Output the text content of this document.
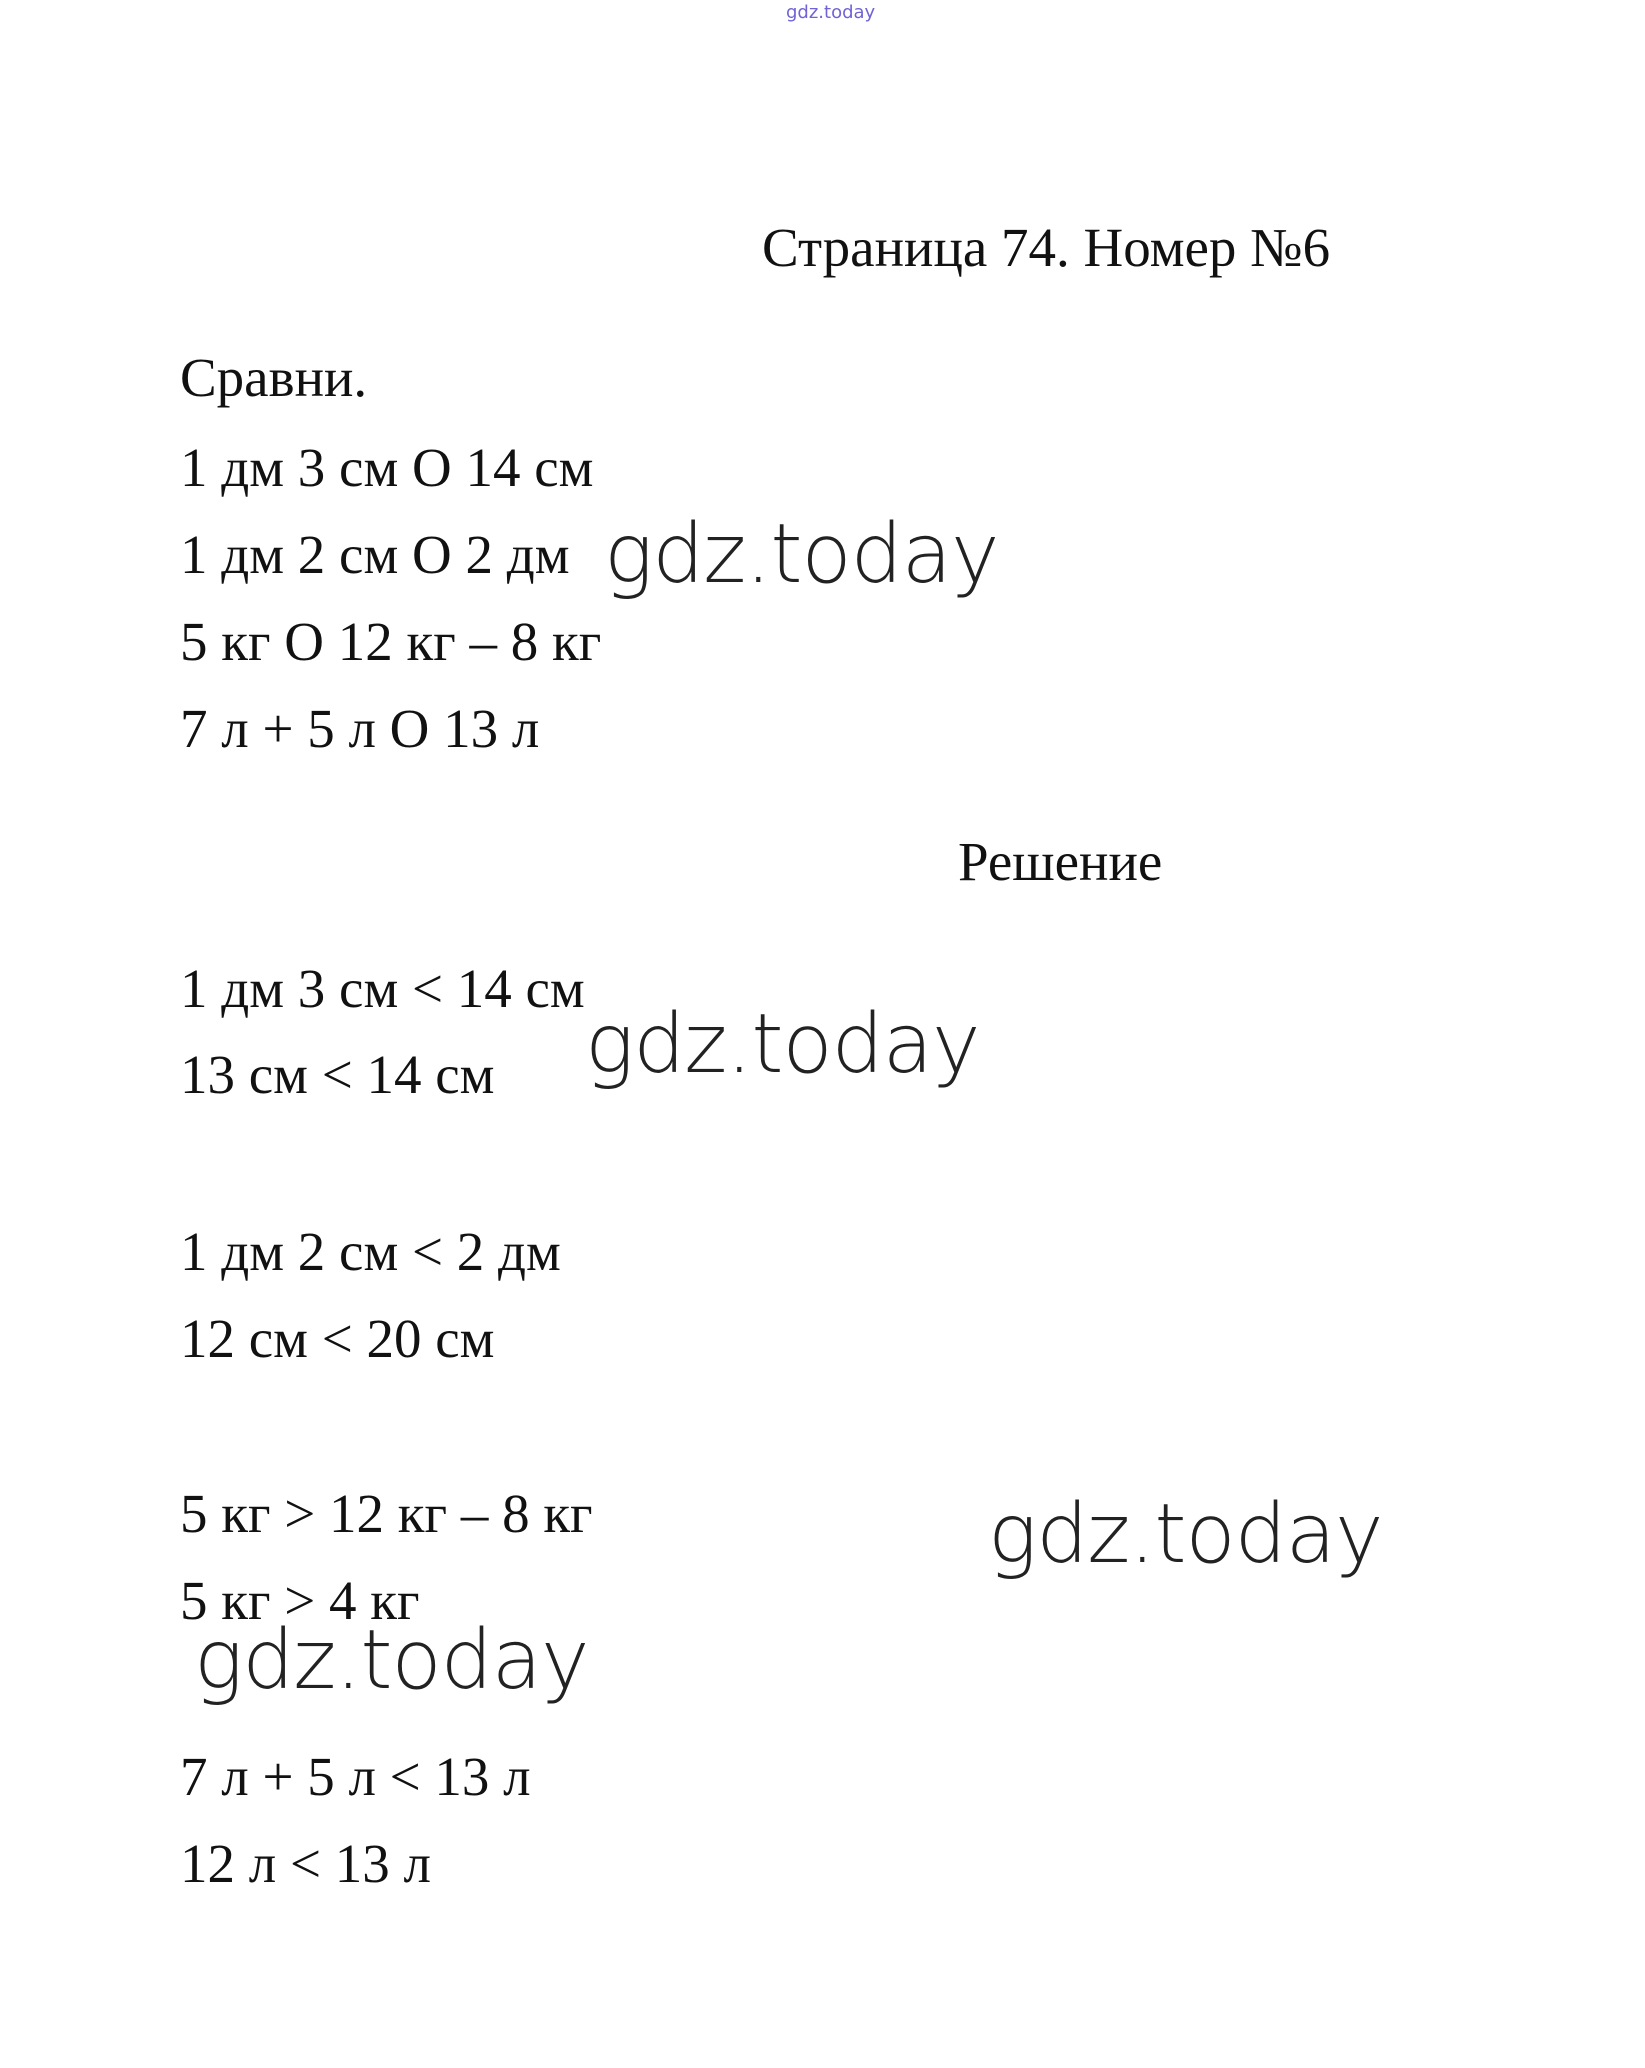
gdz.today
Страница 74. Номер №6
Сравни.
1 дм 3 см O 14 см
1 дм 2 см O 2 дм
5 кг O 12 кг – 8 кг
7 л + 5 л O 13 л
Решение
1 дм 3 см < 14 см
13 см < 14 см
1 дм 2 см < 2 дм
12 см < 20 см
5 кг > 12 кг – 8 кг
5 кг > 4 кг
7 л + 5 л < 13 л
12 л < 13 л
gdz.today
gdz.today
gdz.today
gdz.today
